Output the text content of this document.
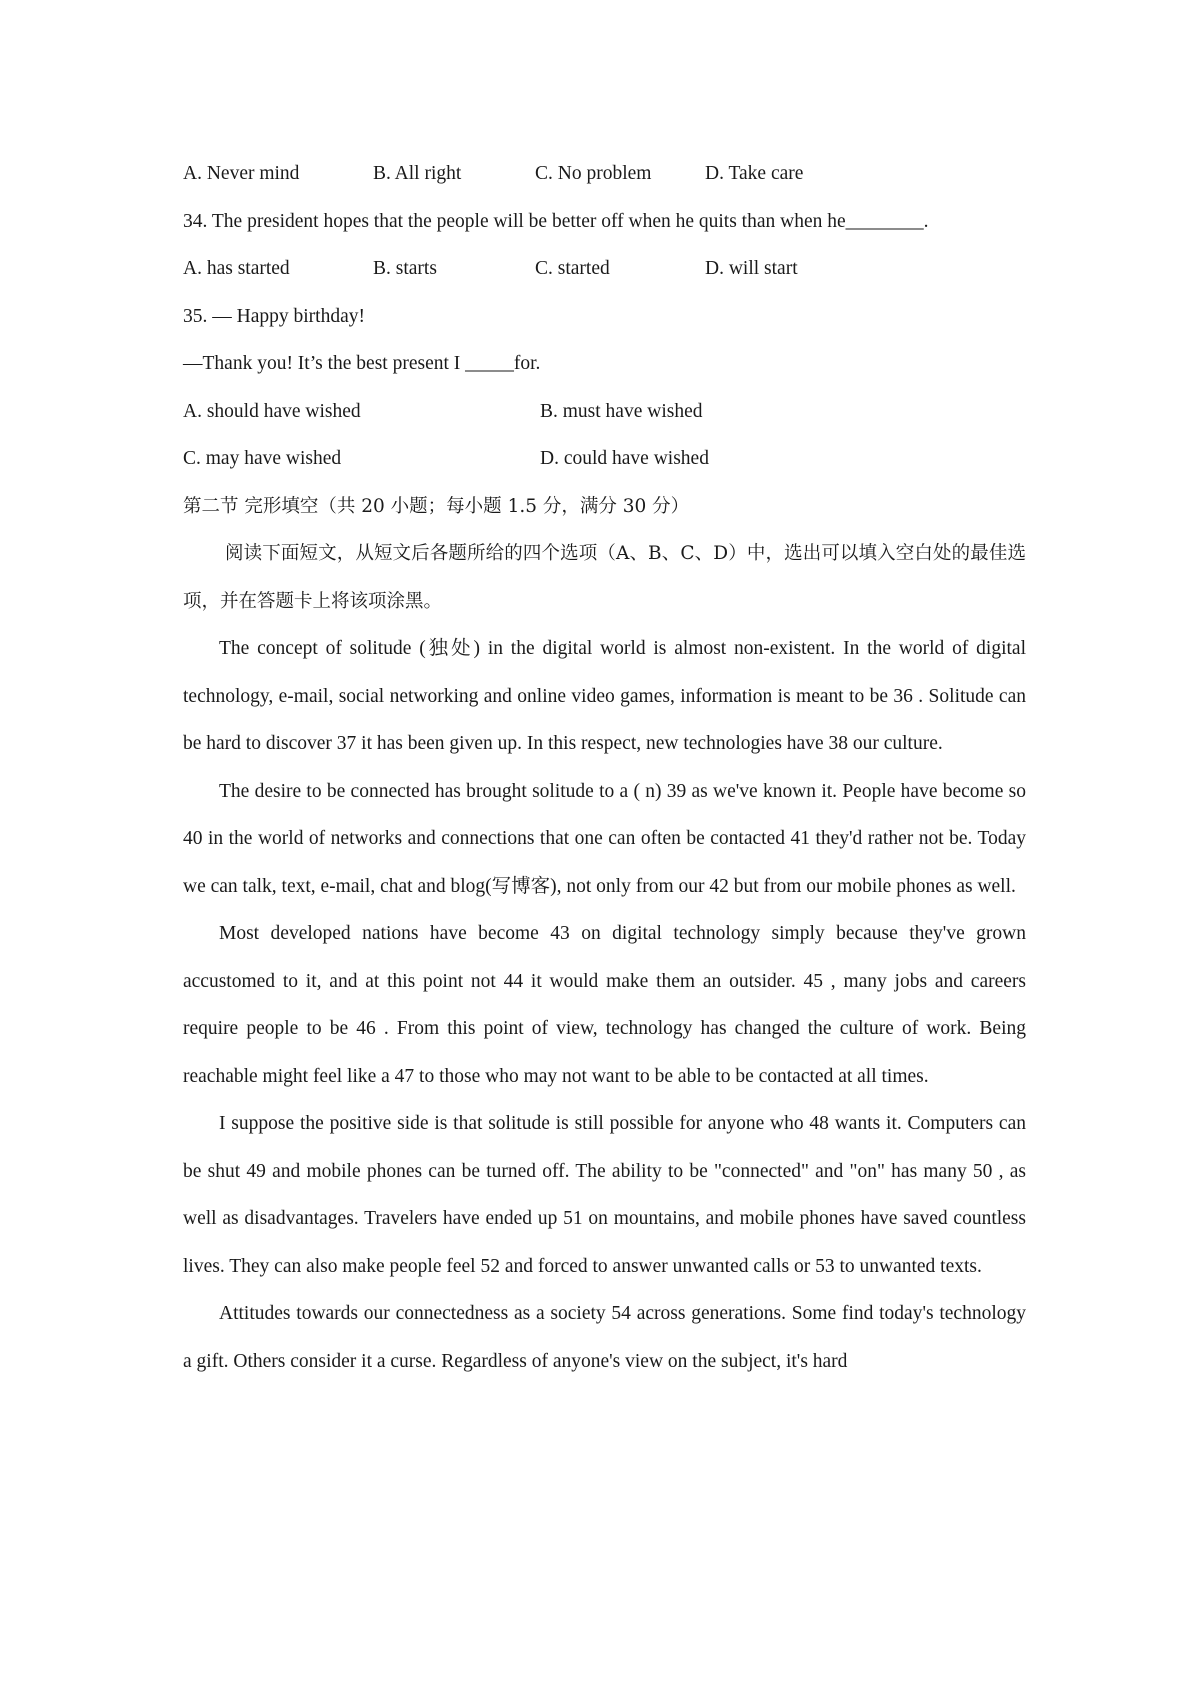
A. Never mind	B. All right	C. No problem	D. Take care
34. The president hopes that the people will be better off when he quits than when he________.
A. has started	B. starts	C. started	D. will start
35. — Happy birthday!
—Thank you! It’s the best present I _____for.
A. should have wished	B. must have wished
C. may have wished	D. could have wished
第二节 完形填空（共 20 小题；每小题 1.5 分，满分 30 分）

阅读下面短文，从短文后各题所给的四个选项（A、B、C、D）中，选出可以填入空白处的最佳选项，并在答题卡上将该项涂黑。

The concept of solitude (独处) in the digital world is almost non-existent. In the world of digital technology, e-mail, social networking and online video games, information is meant to be 36 . Solitude can be hard to discover 37 it has been given up. In this respect, new technologies have 38 our culture.

The desire to be connected has brought solitude to a ( n) 39 as we've known it. People have become so 40 in the world of networks and connections that one can often be contacted 41 they'd rather not be. Today we can talk, text, e-mail, chat and blog(写博客), not only from our 42 but from our mobile phones as well.

Most developed nations have become 43 on digital technology simply because they've grown accustomed to it, and at this point not 44 it would make them an outsider. 45 , many jobs and careers require people to be 46 . From this point of view, technology has changed the culture of work. Being reachable might feel like a 47 to those who may not want to be able to be contacted at all times.

I suppose the positive side is that solitude is still possible for anyone who 48 wants it. Computers can be shut 49 and mobile phones can be turned off. The ability to be "connected" and "on" has many 50 , as well as disadvantages. Travelers have ended up 51 on mountains, and mobile phones have saved countless lives. They can also make people feel 52 and forced to answer unwanted calls or 53 to unwanted texts.

Attitudes towards our connectedness as a society 54 across generations. Some find today's technology a gift. Others consider it a curse. Regardless of anyone's view on the subject, it's hard
